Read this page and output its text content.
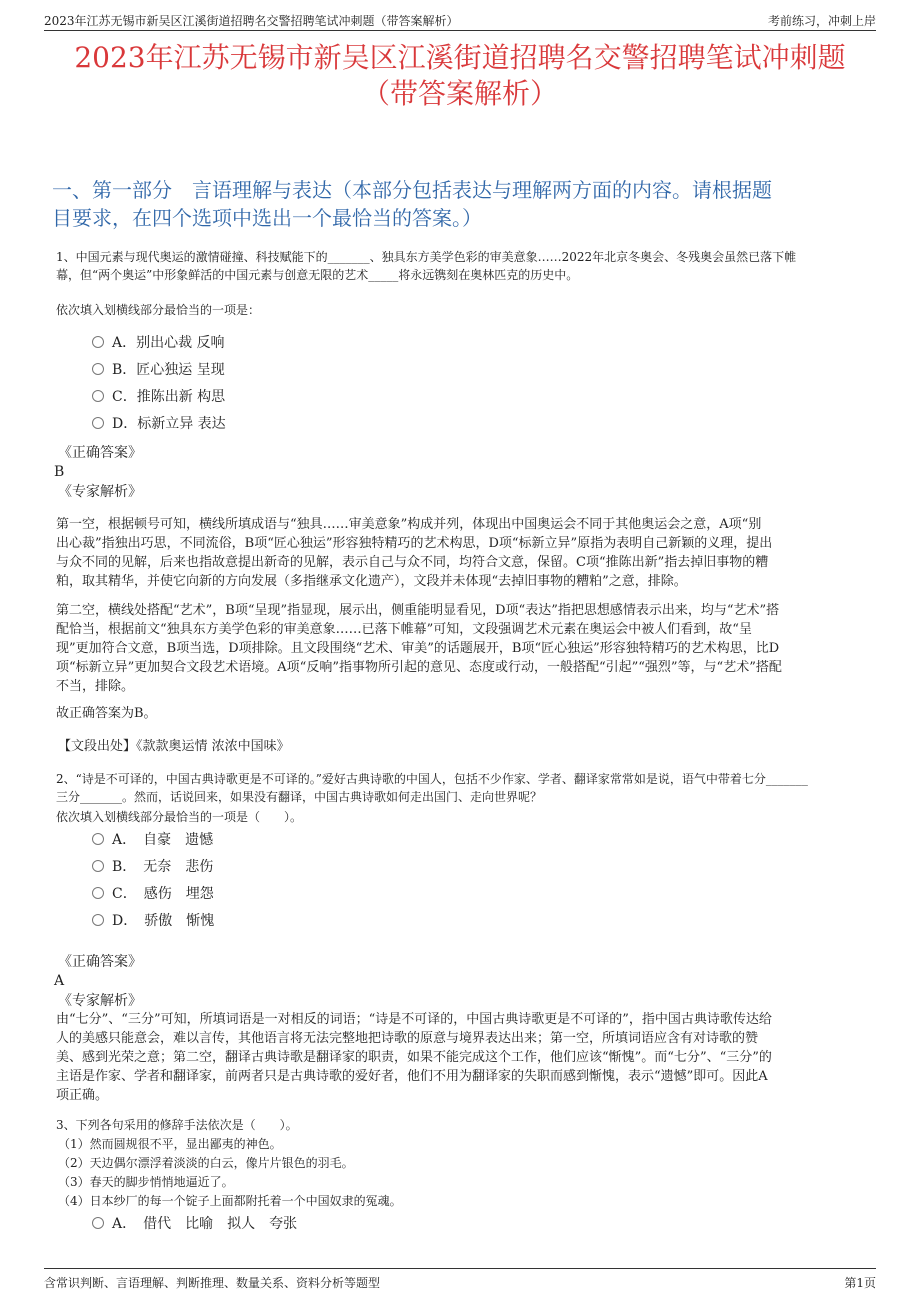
2023年江苏无锡市新吴区江溪街道招聘名交警招聘笔试冲刺题（带答案解析）	考前练习，冲刺上岸
2023年江苏无锡市新吴区江溪街道招聘名交警招聘笔试冲刺题
（带答案解析）
一、第一部分　言语理解与表达（本部分包括表达与理解两方面的内容。请根据题
目要求，在四个选项中选出一个最恰当的答案。）
1、中国元素与现代奥运的激情碰撞、科技赋能下的_______、独具东方美学色彩的审美意象……2022年北京冬奥会、冬残奥会虽然已落下帷
幕，但“两个奥运”中形象鲜活的中国元素与创意无限的艺术_____将永远镌刻在奥林匹克的历史中。
依次填入划横线部分最恰当的一项是：
A．别出心裁 反响
B．匠心独运 呈现
C．推陈出新 构思
D．标新立异 表达
《正确答案》
B
《专家解析》
第一空，根据顿号可知，横线所填成语与“独具……审美意象”构成并列，体现出中国奥运会不同于其他奥运会之意，A项“别
出心裁”指独出巧思，不同流俗，B项“匠心独运”形容独特精巧的艺术构思，D项“标新立异”原指为表明自己新颖的义理，提出
与众不同的见解，后来也指故意提出新奇的见解，表示自己与众不同，均符合文意，保留。C项“推陈出新”指去掉旧事物的糟
粕，取其精华，并使它向新的方向发展（多指继承文化遗产），文段并未体现“去掉旧事物的糟粕”之意，排除。
第二空，横线处搭配“艺术”，B项“呈现”指显现，展示出，侧重能明显看见，D项“表达”指把思想感情表示出来，均与“艺术”搭
配恰当，根据前文“独具东方美学色彩的审美意象……已落下帷幕”可知，文段强调艺术元素在奥运会中被人们看到，故“呈
现”更加符合文意，B项当选，D项排除。且文段围绕“艺术、审美”的话题展开，B项“匠心独运”形容独特精巧的艺术构思，比D
项“标新立异”更加契合文段艺术语境。A项“反响”指事物所引起的意见、态度或行动，一般搭配“引起”“强烈”等，与“艺术”搭配
不当，排除。
故正确答案为B。
【文段出处】《款款奥运情 浓浓中国味》
2、“诗是不可译的，中国古典诗歌更是不可译的。”爱好古典诗歌的中国人，包括不少作家、学者、翻译家常常如是说，语气中带着七分_______
三分_______。然而，话说回来，如果没有翻译，中国古典诗歌如何走出国门、走向世界呢？
依次填入划横线部分最恰当的一项是（　　）。
A．　自豪　遗憾
B．　无奈　悲伤
C．　感伤　埋怨
D．　骄傲　惭愧
《正确答案》
A
《专家解析》
由“七分”、“三分”可知，所填词语是一对相反的词语；“诗是不可译的，中国古典诗歌更是不可译的”，指中国古典诗歌传达给
人的美感只能意会，难以言传，其他语言将无法完整地把诗歌的原意与境界表达出来；第一空，所填词语应含有对诗歌的赞
美、感到光荣之意；第二空，翻译古典诗歌是翻译家的职责，如果不能完成这个工作，他们应该“惭愧”。而“七分”、“三分”的
主语是作家、学者和翻译家，前两者只是古典诗歌的爱好者，他们不用为翻译家的失职而感到惭愧，表示“遗憾”即可。因此A
项正确。
3、下列各句采用的修辞手法依次是（　　）。
（1）然而圆规很不平，显出鄙夷的神色。
（2）天边偶尔漂浮着淡淡的白云，像片片银色的羽毛。
（3）春天的脚步悄悄地逼近了。
（4）日本纱厂的每一个锭子上面都附托着一个中国奴隶的冤魂。
A．　借代　比喻　拟人　夸张
含常识判断、言语理解、判断推理、数量关系、资料分析等题型	第1页
